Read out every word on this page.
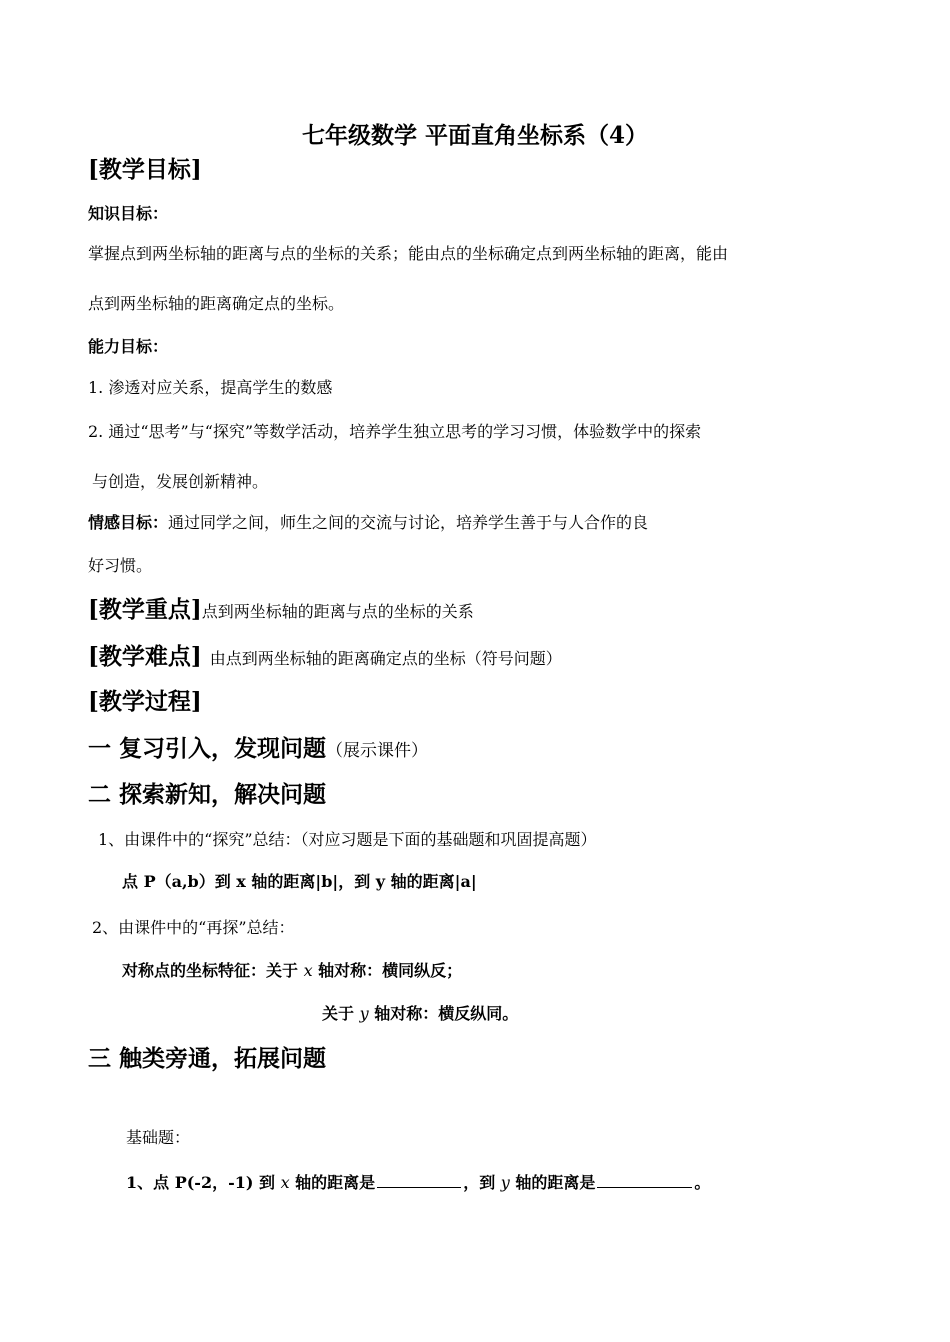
七年级数学 平面直角坐标系（4）
[教学目标]
知识目标：
掌握点到两坐标轴的距离与点的坐标的关系；能由点的坐标确定点到两坐标轴的距离，能由
点到两坐标轴的距离确定点的坐标。
能力目标：
1. 渗透对应关系，提高学生的数感
2. 通过“思考”与“探究”等数学活动，培养学生独立思考的学习习惯，体验数学中的探索
与创造，发展创新精神。
情感目标：通过同学之间，师生之间的交流与讨论，培养学生善于与人合作的良
好习惯。
[教学重点]点到两坐标轴的距离与点的坐标的关系
[教学难点] 由点到两坐标轴的距离确定点的坐标（符号问题）
[教学过程]
一 复习引入，发现问题（展示课件）
二 探索新知，解决问题
1、由课件中的“探究”总结：（对应习题是下面的基础题和巩固提高题）
点 P（a,b）到 x 轴的距离|b|，到 y 轴的距离|a|
2、由课件中的“再探”总结：
对称点的坐标特征：关于 x 轴对称：横同纵反；
关于 y 轴对称：横反纵同。
三 触类旁通，拓展问题
基础题：
1、点 P(-2，-1) 到 x 轴的距离是	，到 y 轴的距离是	。
